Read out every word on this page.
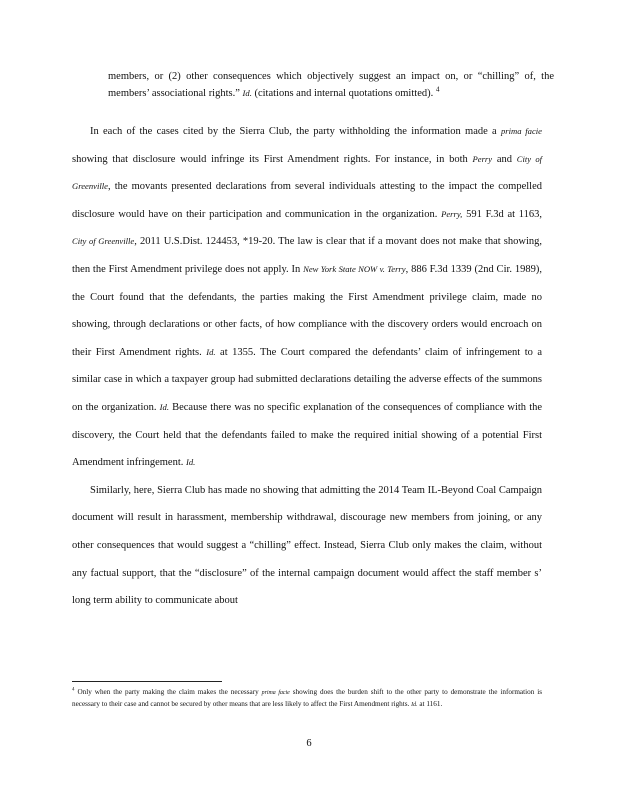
members, or (2) other consequences which objectively suggest an impact on, or “chilling” of, the members’ associational rights.” Id. (citations and internal quotations omitted). $^4$

In each of the cases cited by the Sierra Club, the party withholding the information made a prima facie showing that disclosure would infringe its First Amendment rights. For instance, in both Perry and City of Greenville, the movants presented declarations from several individuals attesting to the impact the compelled disclosure would have on their participation and communication in the organization. Perry, 591 F.3d at 1163, City of Greenville, 2011 U.S.Dist. 124453, *19-20. The law is clear that if a movant does not make that showing, then the First Amendment privilege does not apply. In New York State NOW v. Terry, 886 F.3d 1339 (2nd Cir. 1989), the Court found that the defendants, the parties making the First Amendment privilege claim, made no showing, through declarations or other facts, of how compliance with the discovery orders would encroach on their First Amendment rights. Id. at 1355. The Court compared the defendants’ claim of infringement to a similar case in which a taxpayer group had submitted declarations detailing the adverse effects of the summons on the organization. Id. Because there was no specific explanation of the consequences of compliance with the discovery, the Court held that the defendants failed to make the required initial showing of a potential First Amendment infringement. Id.

Similarly, here, Sierra Club has made no showing that admitting the 2014 Team IL-Beyond Coal Campaign document will result in harassment, membership withdrawal, discourage new members from joining, or any other consequences that would suggest a “chilling” effect. Instead, Sierra Club only makes the claim, without any factual support, that the “disclosure” of the internal campaign document would affect the staff member s’ long term ability to communicate about

$^4$ Only when the party making the claim makes the necessary prima facie showing does the burden shift to the other party to demonstrate the information is necessary to their case and cannot be secured by other means that are less likely to affect the First Amendment rights. Id. at 1161.
6
